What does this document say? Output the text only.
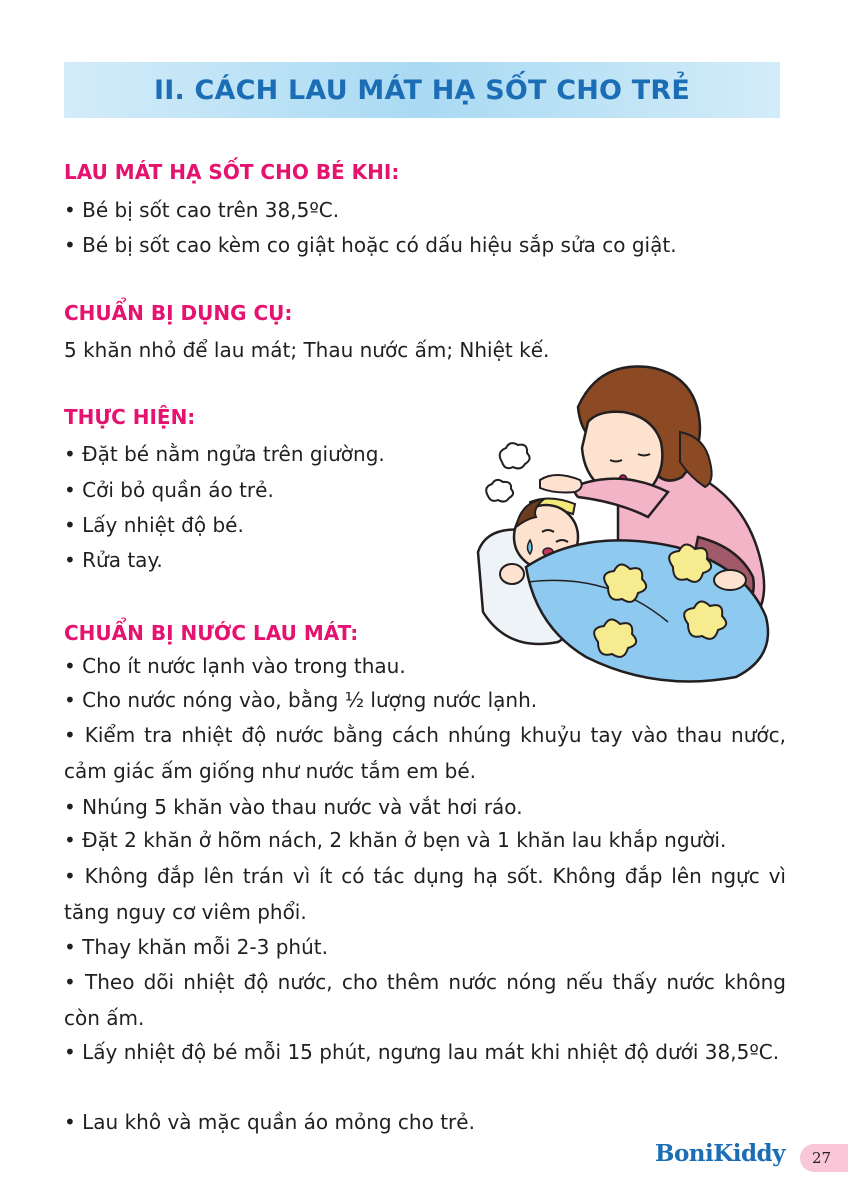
II. CÁCH LAU MÁT HẠ SỐT CHO TRẺ
LAU MÁT HẠ SỐT CHO BÉ KHI:
• Bé bị sốt cao trên 38,5ºC.
• Bé bị sốt cao kèm co giật hoặc có dấu hiệu sắp sửa co giật.
CHUẨN BỊ DỤNG CỤ:
5 khăn nhỏ để lau mát; Thau nước ấm; Nhiệt kế.
THỰC HIỆN:
• Đặt bé nằm ngửa trên giường.
• Cởi bỏ quần áo trẻ.
• Lấy nhiệt độ bé.
• Rửa tay.
CHUẨN BỊ NƯỚC LAU MÁT:
• Cho ít nước lạnh vào trong thau.
• Cho nước nóng vào, bằng ½ lượng nước lạnh.
• Kiểm tra nhiệt độ nước bằng cách nhúng khuỷu tay vào thau nước, cảm giác ấm giống như nước tắm em bé.
• Nhúng 5 khăn vào thau nước và vắt hơi ráo.
• Đặt 2 khăn ở hõm nách, 2 khăn ở bẹn và 1 khăn lau khắp người.
• Không đắp lên trán vì ít có tác dụng hạ sốt. Không đắp lên ngực vì tăng nguy cơ viêm phổi.
• Thay khăn mỗi 2-3 phút.
• Theo dõi nhiệt độ nước, cho thêm nước nóng nếu thấy nước không còn ấm.
• Lấy nhiệt độ bé mỗi 15 phút, ngưng lau mát khi nhiệt độ dưới 38,5ºC.
• Lau khô và mặc quần áo mỏng cho trẻ.
BoniKiddy 27
